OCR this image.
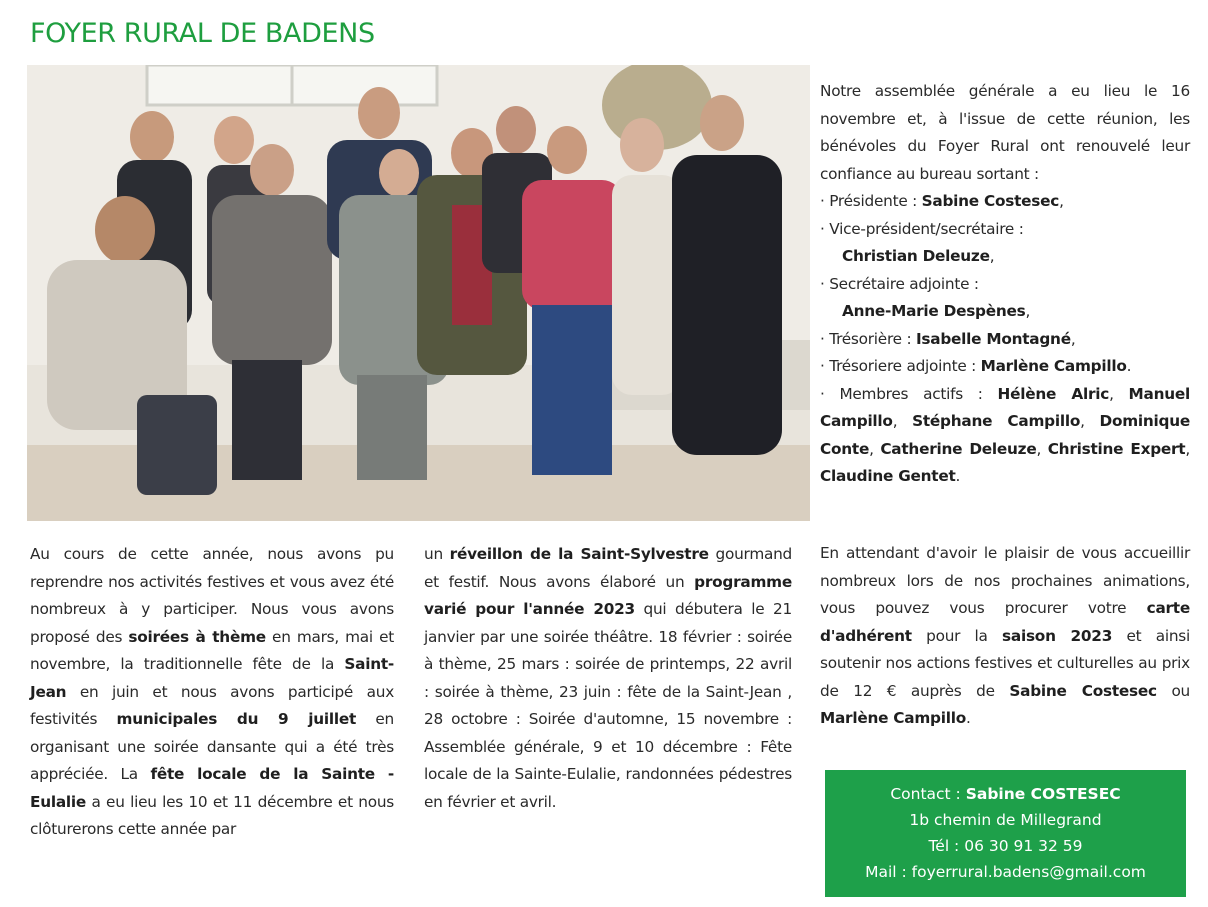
FOYER RURAL DE BADENS

Notre assemblée générale a eu lieu le 16 novembre et, à l'issue de cette réunion, les bénévoles du Foyer Rural ont renouvelé leur confiance au bureau sortant :

· Présidente : Sabine Costesec,
· Vice-président/secrétaire :
Christian Deleuze,
· Secrétaire adjointe :
Anne-Marie Despènes,
· Trésorière : Isabelle Montagné,
· Trésoriere adjointe : Marlène Campillo.

· Membres actifs : Hélène Alric, Manuel Campillo, Stéphane Campillo, Dominique Conte, Catherine Deleuze, Christine Expert, Claudine Gentet.

En attendant d'avoir le plaisir de vous accueillir nombreux lors de nos prochaines animations, vous pouvez vous procurer votre carte d'adhérent pour la saison 2023 et ainsi soutenir nos actions festives et culturelles au prix de 12 € auprès de Sabine Costesec ou Marlène Campillo.
Au cours de cette année, nous avons pu reprendre nos activités festives et vous avez été nombreux à y participer. Nous vous avons proposé des soirées à thème en mars, mai et novembre, la traditionnelle fête de la Saint-Jean en juin et nous avons participé aux festivités municipales du 9 juillet en organisant une soirée dansante qui a été très appréciée. La fête locale de la Sainte -Eulalie a eu lieu les 10 et 11 décembre et nous clôturerons cette année par
un réveillon de la Saint-Sylvestre gourmand et festif. Nous avons élaboré un programme varié pour l'année 2023 qui débutera le 21 janvier par une soirée théâtre. 18 février : soirée à thème, 25 mars : soirée de printemps, 22 avril : soirée à thème, 23 juin : fête de la Saint-Jean , 28 octobre : Soirée d'automne, 15 novembre : Assemblée générale, 9 et 10 décembre : Fête locale de la Sainte-Eulalie, randonnées pédestres en février et avril.	Contact : Sabine COSTESEC
1b chemin de Millegrand
Tél : 06 30 91 32 59
Mail : foyerrural.badens@gmail.com
